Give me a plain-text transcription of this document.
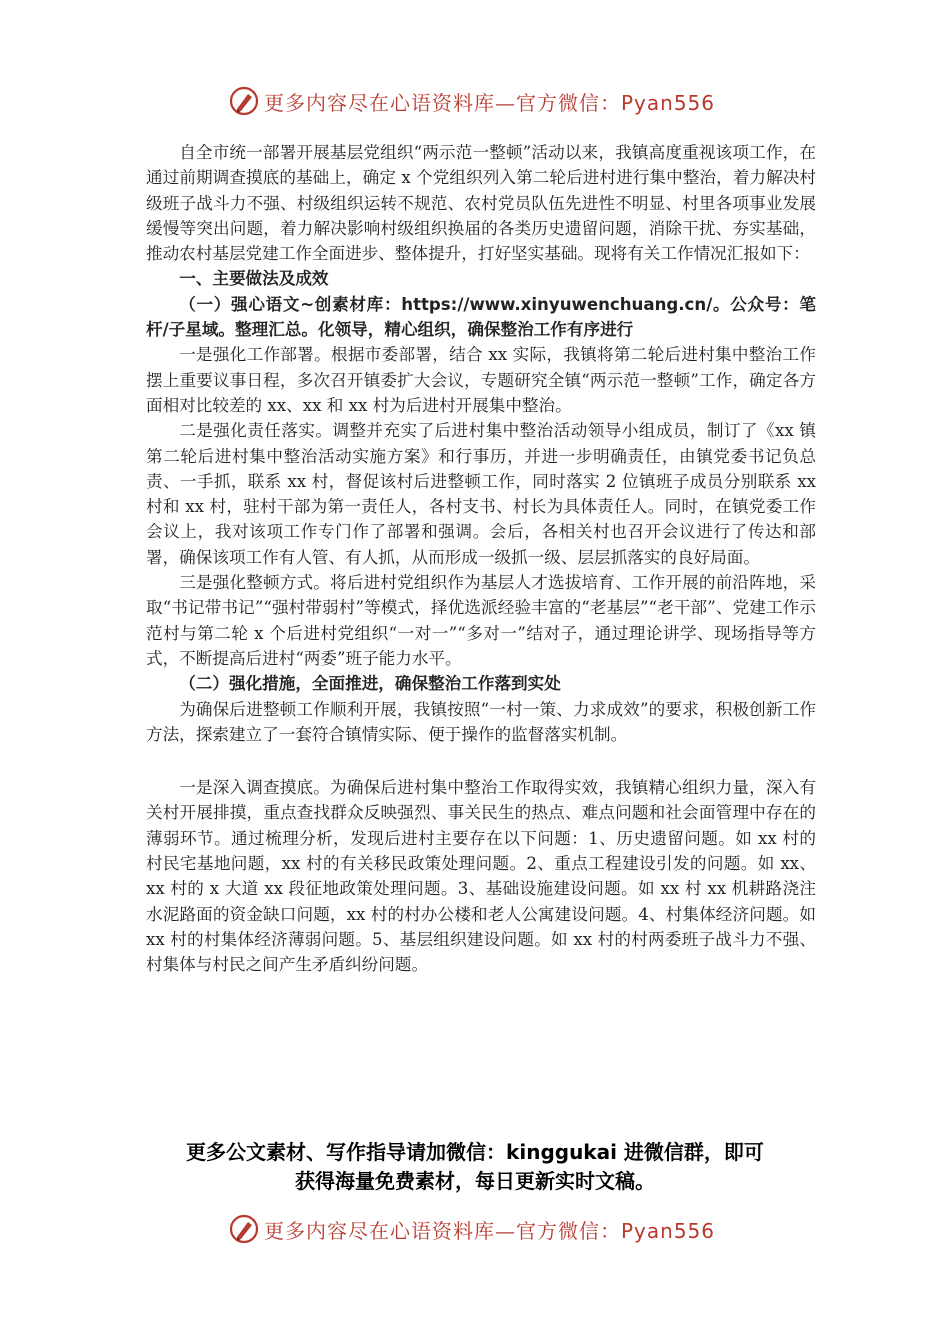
更多内容尽在心语资料库—官方微信：Pyan556

自全市统一部署开展基层党组织“两示范一整顿”活动以来，我镇高度重视该项工作，在通过前期调查摸底的基础上，确定 x 个党组织列入第二轮后进村进行集中整治，着力解决村级班子战斗力不强、村级组织运转不规范、农村党员队伍先进性不明显、村里各项事业发展缓慢等突出问题，着力解决影响村级组织换届的各类历史遗留问题，消除干扰、夯实基础，推动农村基层党建工作全面进步、整体提升，打好坚实基础。现将有关工作情况汇报如下：

一、主要做法及成效

（一）强心语文~创素材库：https://www.xinyuwenchuang.cn/。公众号：笔杆/子星域。整理汇总。化领导，精心组织，确保整治工作有序进行

一是强化工作部署。根据市委部署，结合 xx 实际，我镇将第二轮后进村集中整治工作摆上重要议事日程，多次召开镇委扩大会议，专题研究全镇“两示范一整顿”工作，确定各方面相对比较差的 xx、xx 和 xx 村为后进村开展集中整治。

二是强化责任落实。调整并充实了后进村集中整治活动领导小组成员，制订了《xx 镇第二轮后进村集中整治活动实施方案》和行事历，并进一步明确责任，由镇党委书记负总责、一手抓，联系 xx 村，督促该村后进整顿工作，同时落实 2 位镇班子成员分别联系 xx 村和 xx 村，驻村干部为第一责任人，各村支书、村长为具体责任人。同时，在镇党委工作会议上，我对该项工作专门作了部署和强调。会后，各相关村也召开会议进行了传达和部署，确保该项工作有人管、有人抓，从而形成一级抓一级、层层抓落实的良好局面。

三是强化整顿方式。将后进村党组织作为基层人才选拔培育、工作开展的前沿阵地，采取“书记带书记”“强村带弱村”等模式，择优选派经验丰富的“老基层”“老干部”、党建工作示范村与第二轮 x 个后进村党组织“一对一”“多对一”结对子，通过理论讲学、现场指导等方式，不断提高后进村“两委”班子能力水平。

（二）强化措施，全面推进，确保整治工作落到实处

为确保后进整顿工作顺利开展，我镇按照“一村一策、力求成效”的要求，积极创新工作方法，探索建立了一套符合镇情实际、便于操作的监督落实机制。

一是深入调查摸底。为确保后进村集中整治工作取得实效，我镇精心组织力量，深入有关村开展排摸，重点查找群众反映强烈、事关民生的热点、难点问题和社会面管理中存在的薄弱环节。通过梳理分析，发现后进村主要存在以下问题：1、历史遗留问题。如 xx 村的村民宅基地问题，xx 村的有关移民政策处理问题。2、重点工程建设引发的问题。如 xx、xx 村的 x 大道 xx 段征地政策处理问题。3、基础设施建设问题。如 xx 村 xx 机耕路浇注水泥路面的资金缺口问题，xx 村的村办公楼和老人公寓建设问题。4、村集体经济问题。如 xx 村的村集体经济薄弱问题。5、基层组织建设问题。如 xx 村的村两委班子战斗力不强、村集体与村民之间产生矛盾纠纷问题。

更多公文素材、写作指导请加微信：kinggukai 进微信群，即可
获得海量免费素材，每日更新实时文稿。
更多内容尽在心语资料库—官方微信：Pyan556
